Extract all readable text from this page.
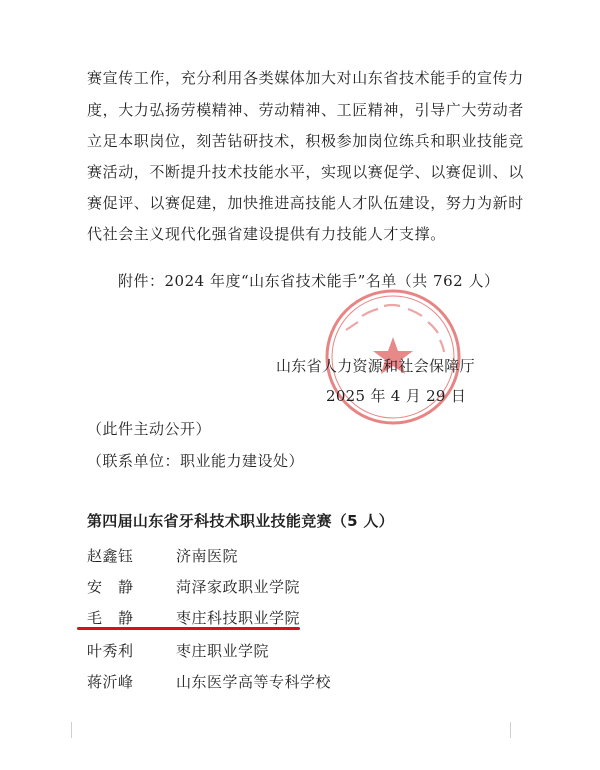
赛宣传工作，充分利用各类媒体加大对山东省技术能手的宣传力
度，大力弘扬劳模精神、劳动精神、工匠精神，引导广大劳动者
立足本职岗位，刻苦钻研技术，积极参加岗位练兵和职业技能竞
赛活动，不断提升技术技能水平，实现以赛促学、以赛促训、以
赛促评、以赛促建，加快推进高技能人才队伍建设，努力为新时
代社会主义现代化强省建设提供有力技能人才支撑。
附件：2024 年度“山东省技术能手”名单（共 762 人）
山东省人力资源和社会保障厅
2025 年 4 月 29 日
（此件主动公开）
（联系单位：职业能力建设处）
第四届山东省牙科技术职业技能竞赛（5 人）
赵鑫钰	济南医院
安　静	菏泽家政职业学院
毛　静	枣庄科技职业学院
叶秀利	枣庄职业学院
蒋沂峰	山东医学高等专科学校
